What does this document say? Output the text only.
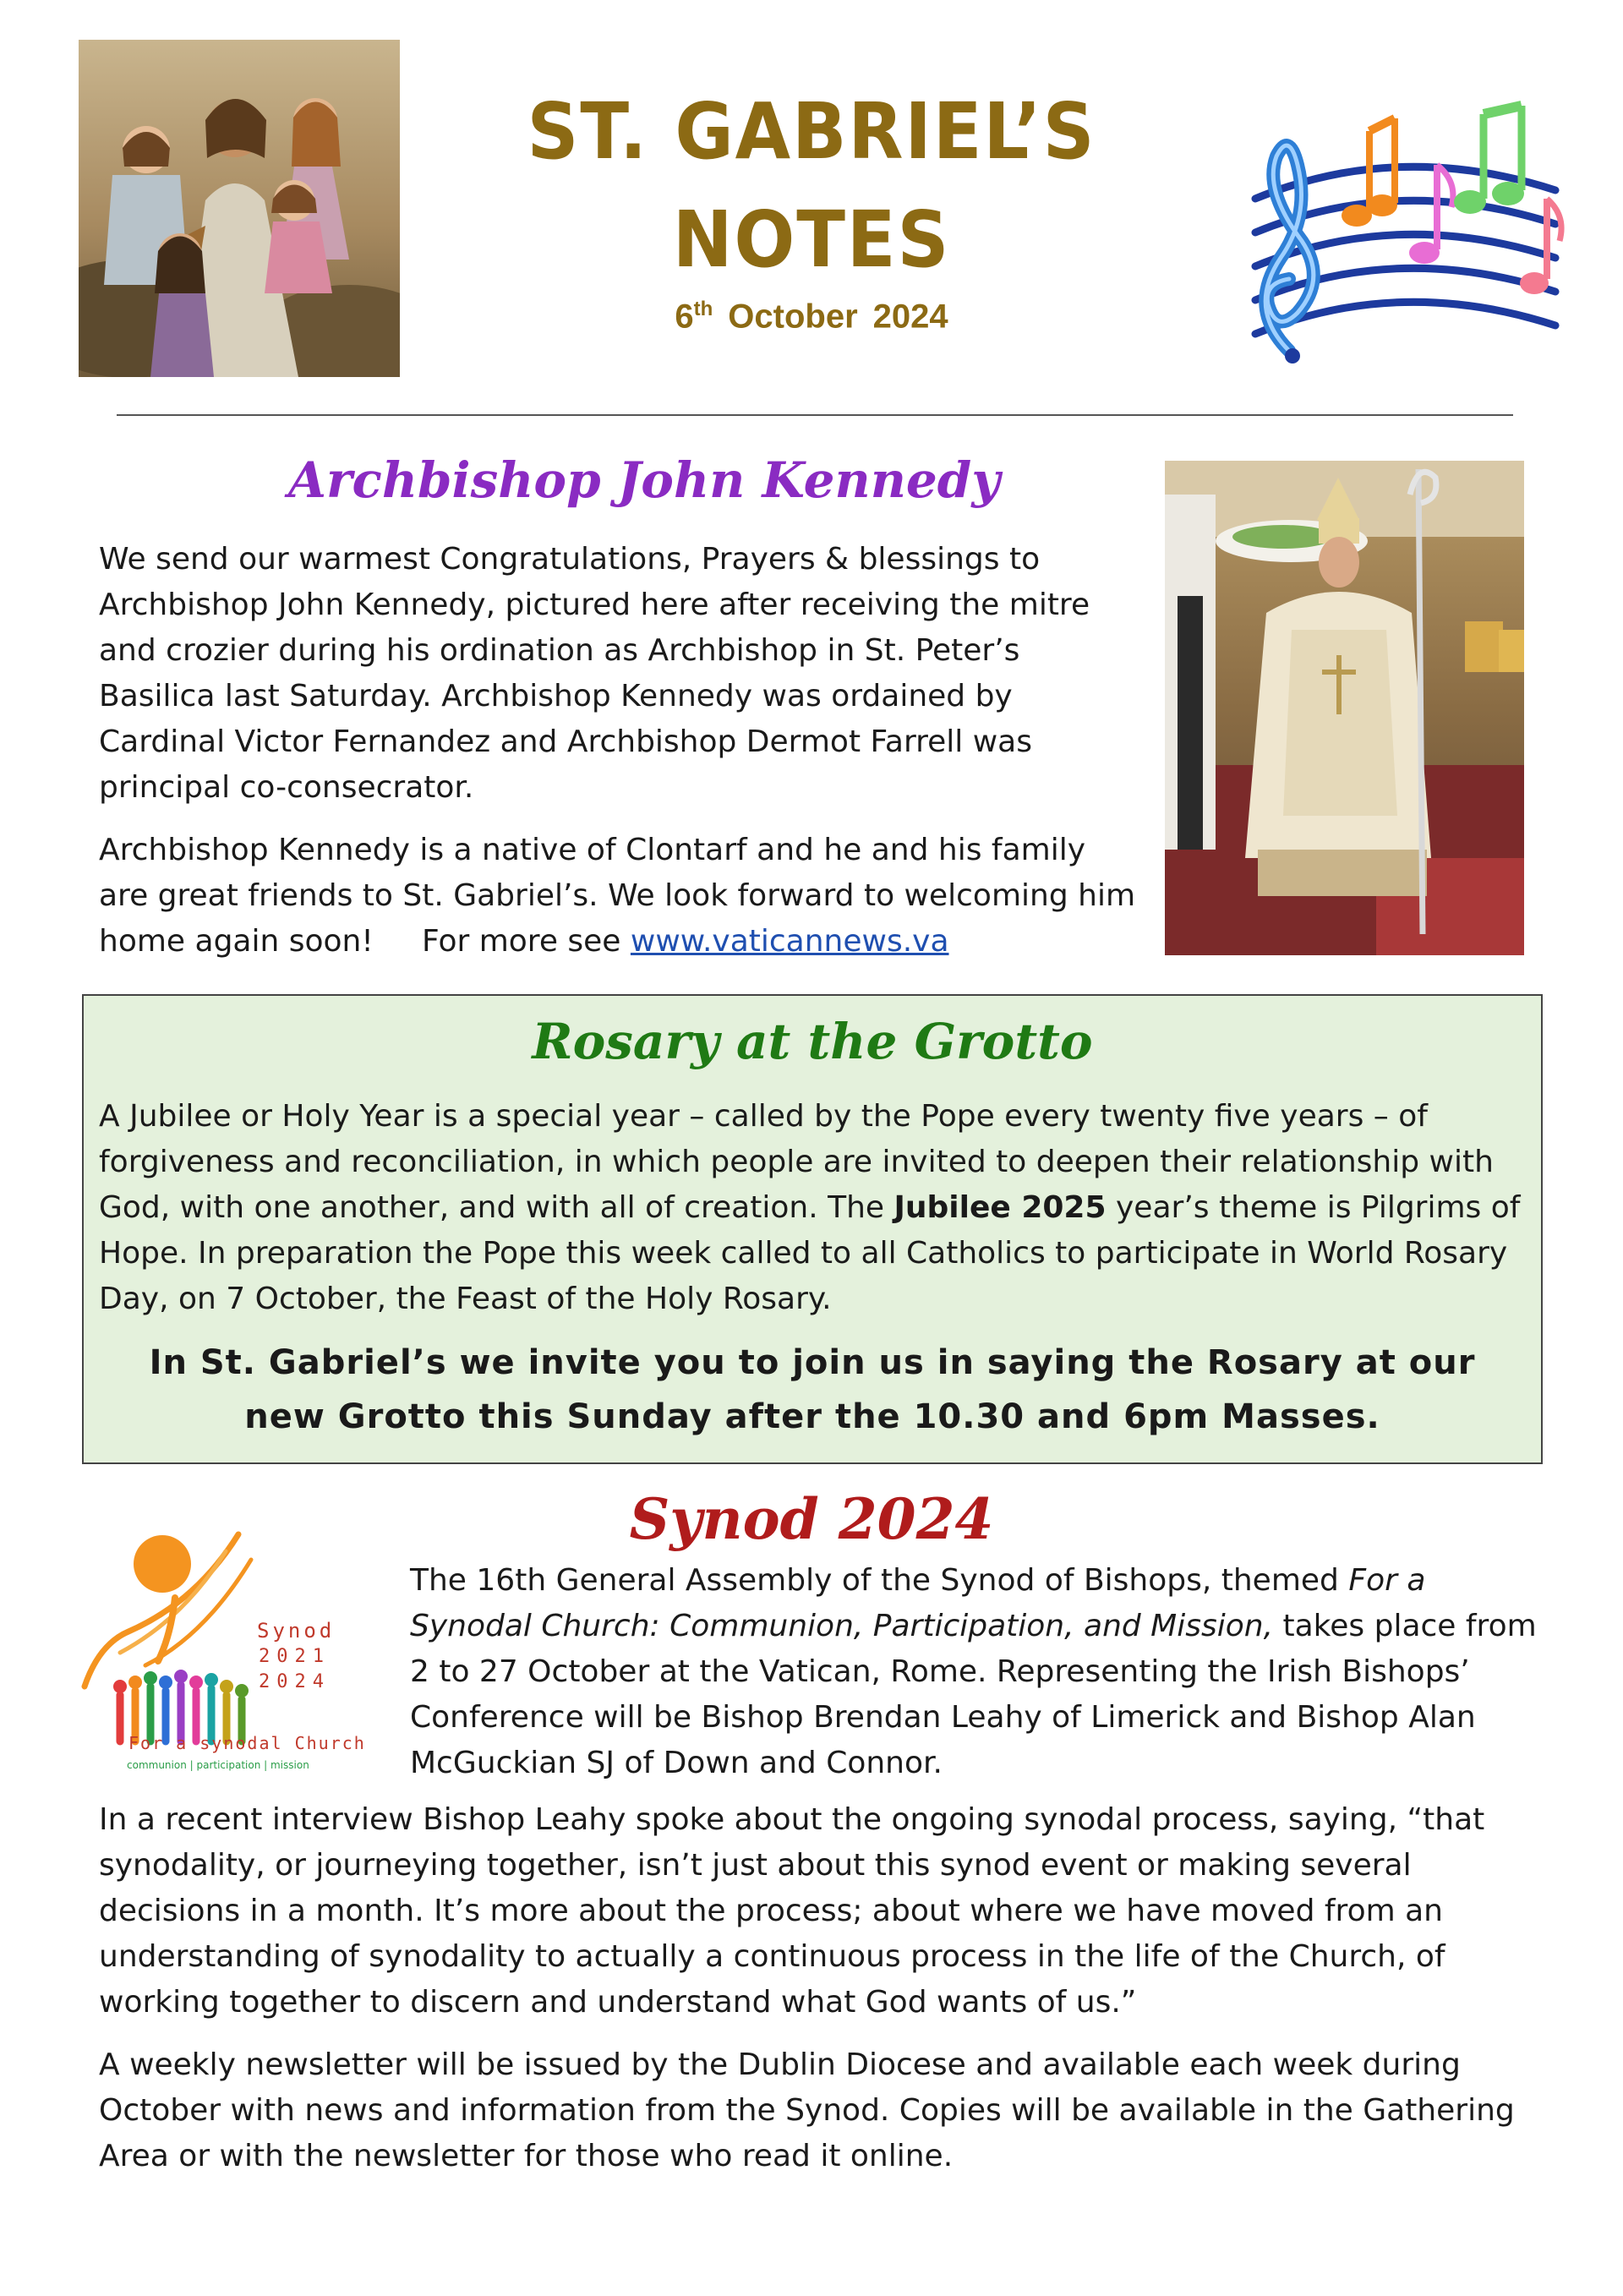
ST. GABRIEL’S
NOTES
6th October 2024
Archbishop John Kennedy

We send our warmest Congratulations, Prayers & blessings to Archbishop John Kennedy, pictured here after receiving the mitre and crozier during his ordination as Archbishop in St. Peter’s Basilica last Saturday. Archbishop Kennedy was ordained by Cardinal Victor Fernandez and Archbishop Dermot Farrell was principal co-consecrator.

Archbishop Kennedy is a native of Clontarf and he and his family are great friends to St. Gabriel’s. We look forward to welcoming him home again soon! For more see www.vaticannews.va

Rosary at the Grotto

A Jubilee or Holy Year is a special year – called by the Pope every twenty five years – of forgiveness and reconciliation, in which people are invited to deepen their relationship with God, with one another, and with all of creation. The Jubilee 2025 year’s theme is Pilgrims of Hope. In preparation the Pope this week called to all Catholics to participate in World Rosary Day, on 7 October, the Feast of the Holy Rosary.

In St. Gabriel’s we invite you to join us in saying the Rosary at our

new Grotto this Sunday after the 10.30 and 6pm Masses.

Synod 2024
Synod
2021
2024
For a synodal Church
communion | participation | mission

The 16th General Assembly of the Synod of Bishops, themed For a Synodal Church: Communion, Participation, and Mission, takes place from 2 to 27 October at the Vatican, Rome. Representing the Irish Bishops’ Conference will be Bishop Brendan Leahy of Limerick and Bishop Alan McGuckian SJ of Down and Connor.

In a recent interview Bishop Leahy spoke about the ongoing synodal process, saying, “that synodality, or journeying together, isn’t just about this synod event or making several decisions in a month. It’s more about the process; about where we have moved from an understanding of synodality to actually a continuous process in the life of the Church, of working together to discern and understand what God wants of us.”

A weekly newsletter will be issued by the Dublin Diocese and available each week during October with news and information from the Synod. Copies will be available in the Gathering Area or with the newsletter for those who read it online.
